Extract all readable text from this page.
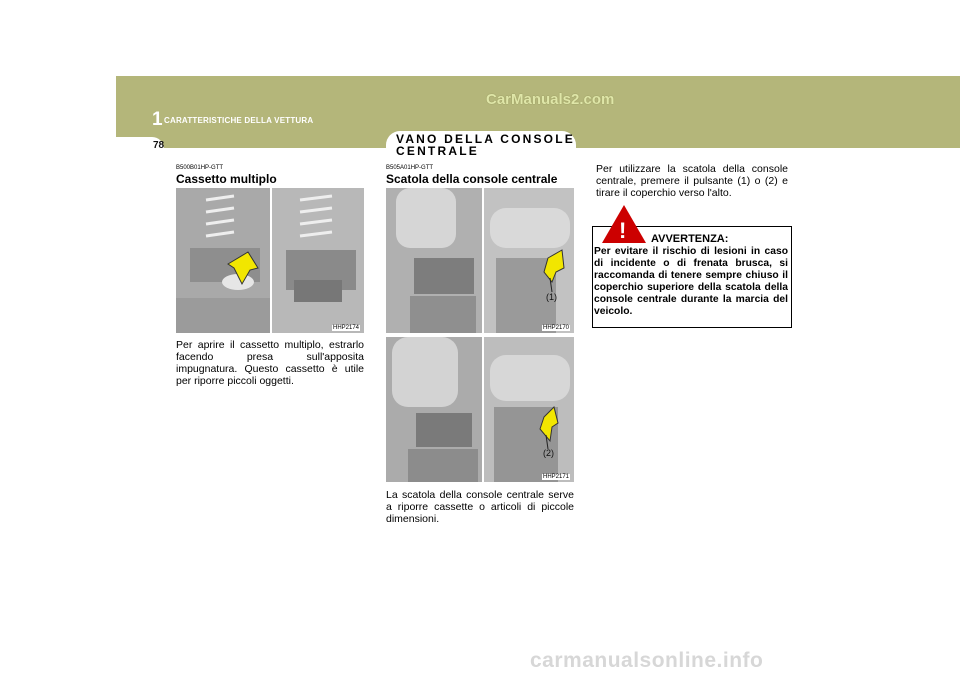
1 CARATTERISTICHE DELLA VETTURA
CarManuals2.com
78	VANO DELLA CONSOLE CENTRALE
B500B01HP-GTT
Cassetto multiplo
HHP2174
Per aprire il cassetto multiplo, estrarlo facendo presa sull'apposita impugnatura. Questo cassetto è utile per riporre piccoli oggetti.
B505A01HP-GTT
Scatola della console centrale
(1)
HHP2170
(2)
HHP2171
La scatola della console centrale serve a riporre cassette o articoli di piccole dimensioni.
Per utilizzare la scatola della console centrale, premere il pulsante (1) o (2) e tirare il coperchio verso l'alto.
! AVVERTENZA:
Per evitare il rischio di lesioni in caso di incidente o di frenata brusca, si raccomanda di tenere sempre chiuso il coperchio superiore della scatola della console centrale durante la marcia del veicolo.
carmanualsonline.info
